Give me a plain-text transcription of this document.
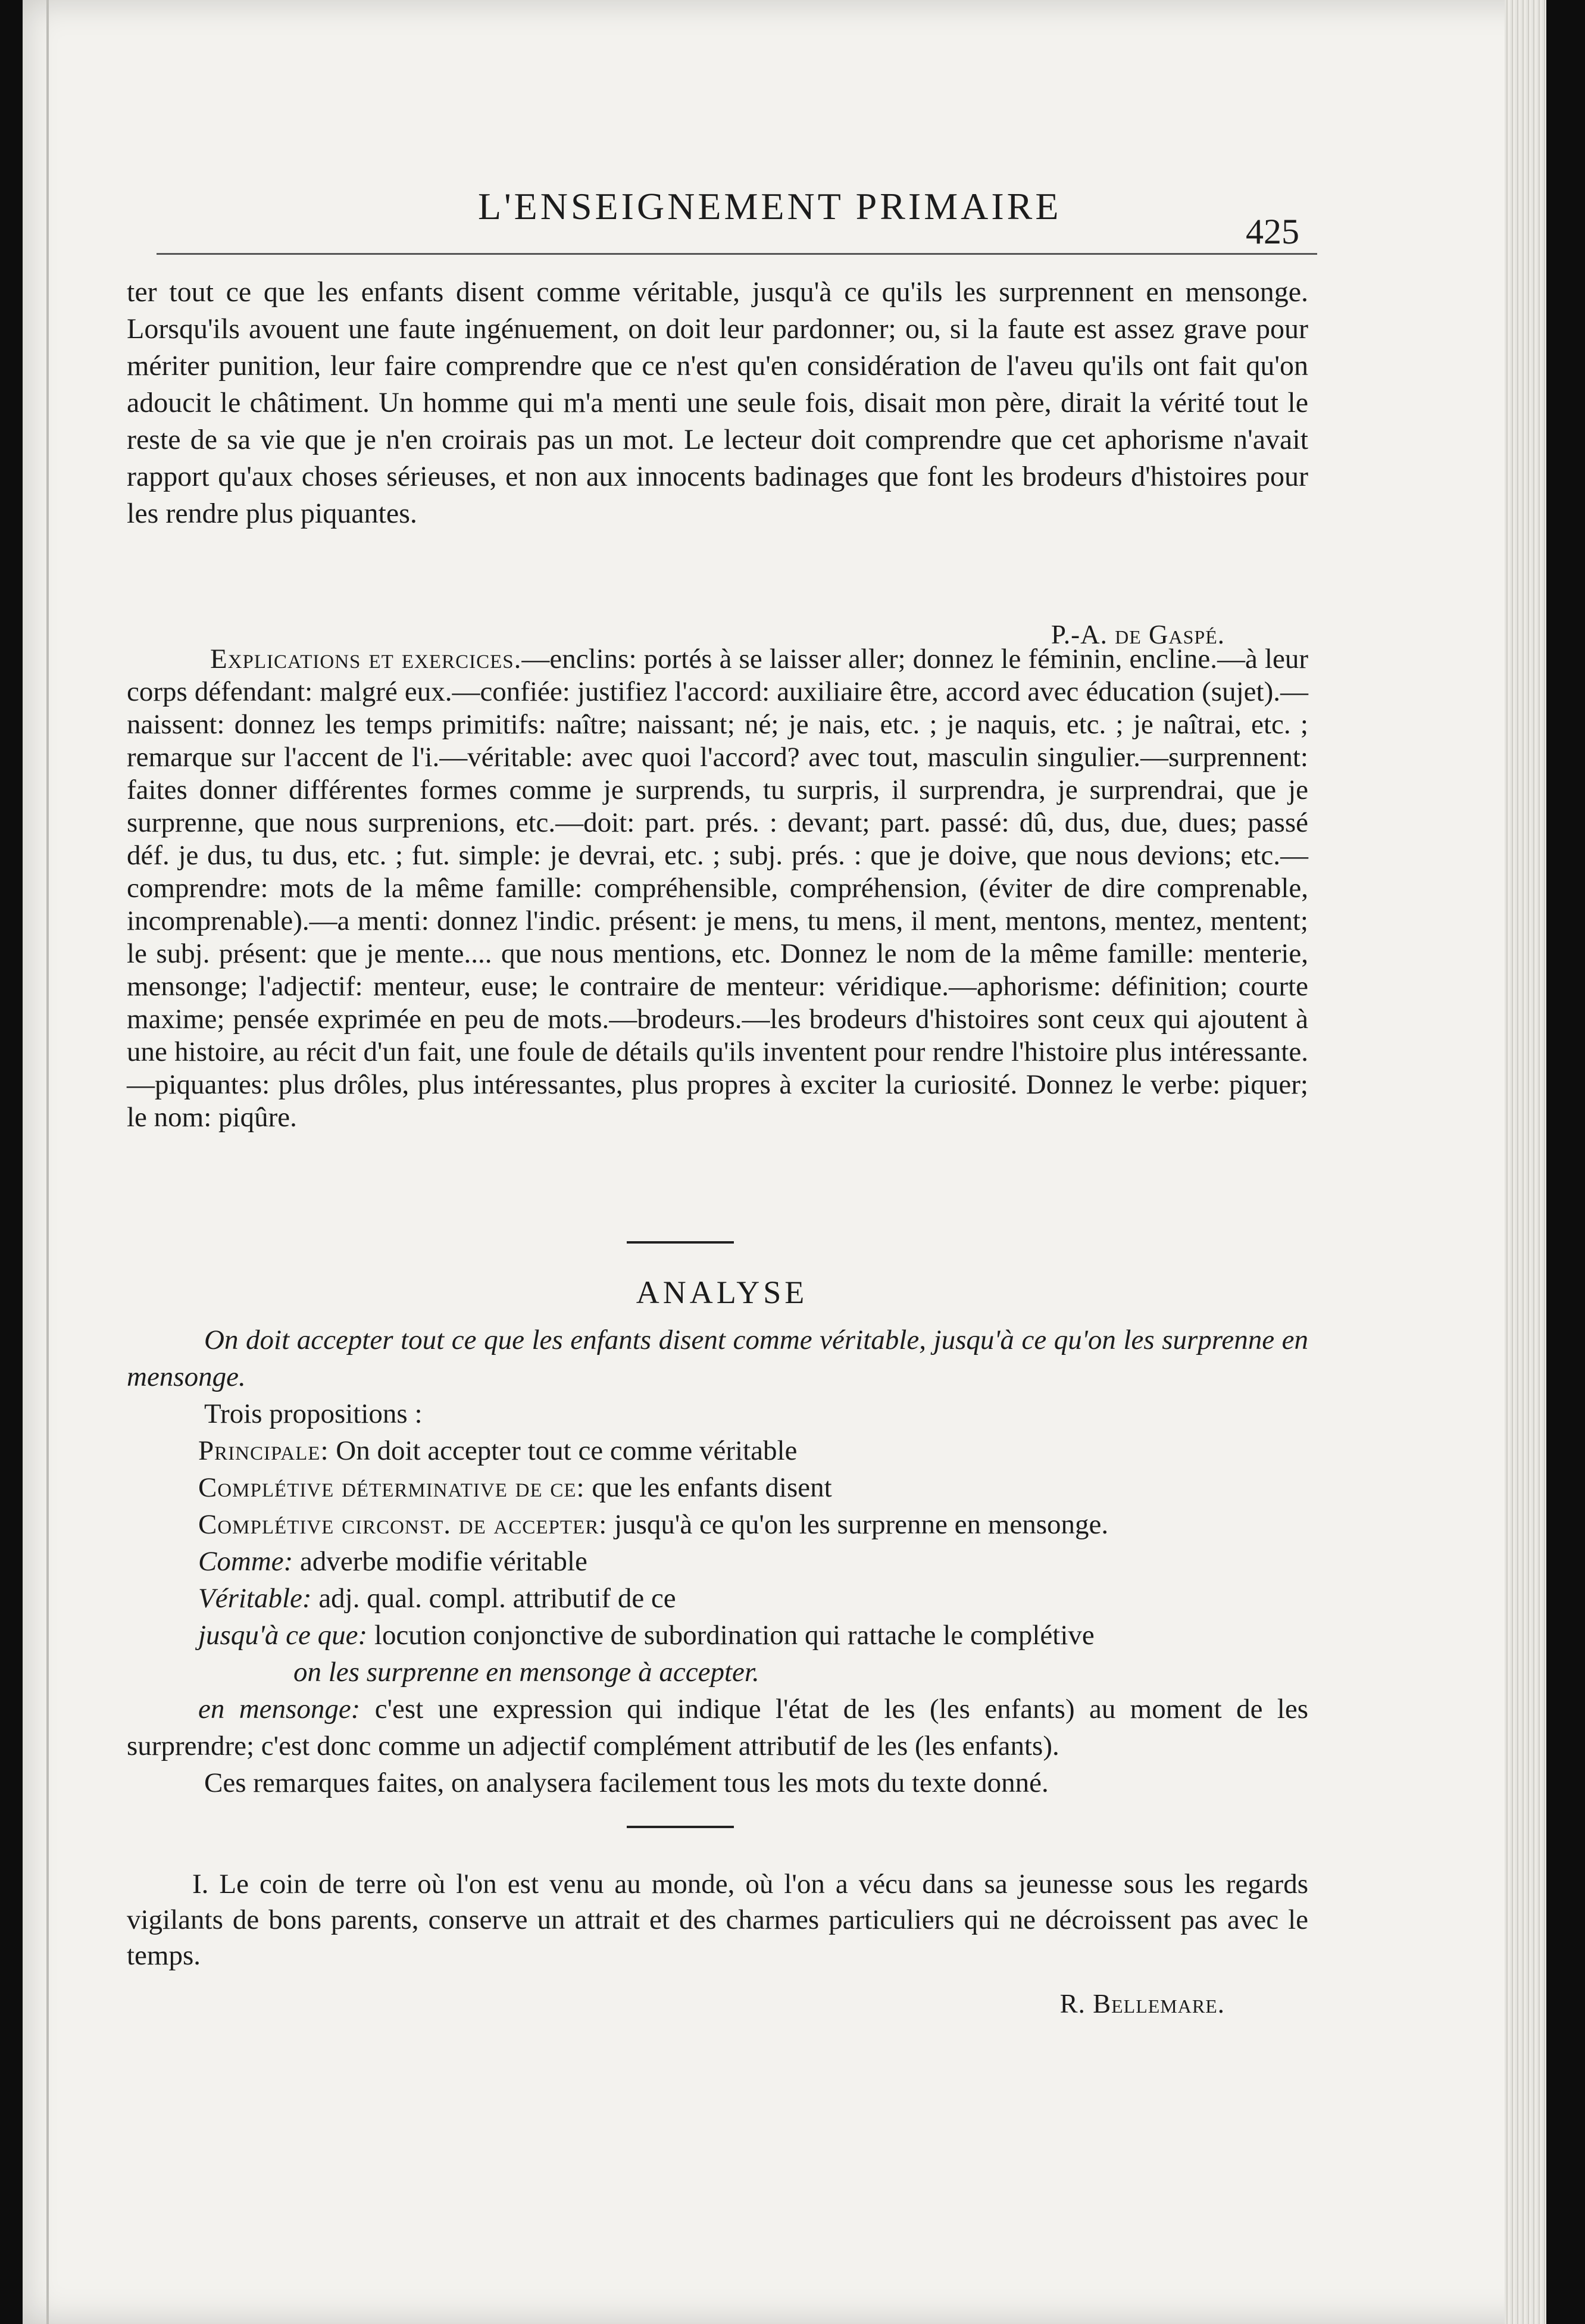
L'ENSEIGNEMENT PRIMAIRE
425

ter tout ce que les enfants disent comme véritable, jusqu'à ce qu'ils les surprennent en mensonge. Lorsqu'ils avouent une faute ingénuement, on doit leur pardonner; ou, si la faute est assez grave pour mériter punition, leur faire comprendre que ce n'est qu'en considération de l'aveu qu'ils ont fait qu'on adoucit le châtiment. Un homme qui m'a menti une seule fois, disait mon père, dirait la vérité tout le reste de sa vie que je n'en croirais pas un mot. Le lecteur doit comprendre que cet aphorisme n'avait rapport qu'aux choses sérieuses, et non aux innocents badinages que font les brodeurs d'histoires pour les rendre plus piquantes.

P.-A. de Gaspé.

Explications et exercices.—enclins: portés à se laisser aller; donnez le féminin, encline.—à leur corps défendant: malgré eux.—confiée: justifiez l'accord: auxiliaire être, accord avec éducation (sujet).—naissent: donnez les temps primitifs: naître; naissant; né; je nais, etc. ; je naquis, etc. ; je naîtrai, etc. ; remarque sur l'accent de l'i.—véritable: avec quoi l'accord? avec tout, masculin singulier.—surprennent: faites donner différentes formes comme je surprends, tu surpris, il surprendra, je surprendrai, que je surprenne, que nous surprenions, etc.—doit: part. prés. : devant; part. passé: dû, dus, due, dues; passé déf. je dus, tu dus, etc. ; fut. simple: je devrai, etc. ; subj. prés. : que je doive, que nous devions; etc.—comprendre: mots de la même famille: compréhensible, compréhension, (éviter de dire comprenable, incomprenable).—a menti: donnez l'indic. présent: je mens, tu mens, il ment, mentons, mentez, mentent; le subj. présent: que je mente.... que nous mentions, etc. Donnez le nom de la même famille: menterie, mensonge; l'adjectif: menteur, euse; le contraire de menteur: véridique.—aphorisme: définition; courte maxime; pensée exprimée en peu de mots.—brodeurs.—les brodeurs d'histoires sont ceux qui ajoutent à une histoire, au récit d'un fait, une foule de détails qu'ils inventent pour rendre l'histoire plus intéressante.—piquantes: plus drôles, plus intéressantes, plus propres à exciter la curiosité. Donnez le verbe: piquer; le nom: piqûre.

ANALYSE

On doit accepter tout ce que les enfants disent comme véritable, jusqu'à ce qu'on les surprenne en mensonge.

Trois propositions :

Principale: On doit accepter tout ce comme véritable

Complétive déterminative de ce: que les enfants disent

Complétive circonst. de accepter: jusqu'à ce qu'on les surprenne en mensonge.

Comme: adverbe modifie véritable

Véritable: adj. qual. compl. attributif de ce

jusqu'à ce que: locution conjonctive de subordination qui rattache le complétive

on les surprenne en mensonge à accepter.

en mensonge: c'est une expression qui indique l'état de les (les enfants) au moment de les surprendre; c'est donc comme un adjectif complément attributif de les (les enfants).

Ces remarques faites, on analysera facilement tous les mots du texte donné.

I. Le coin de terre où l'on est venu au monde, où l'on a vécu dans sa jeunesse sous les regards vigilants de bons parents, conserve un attrait et des charmes particuliers qui ne décroissent pas avec le temps.

R. Bellemare.
